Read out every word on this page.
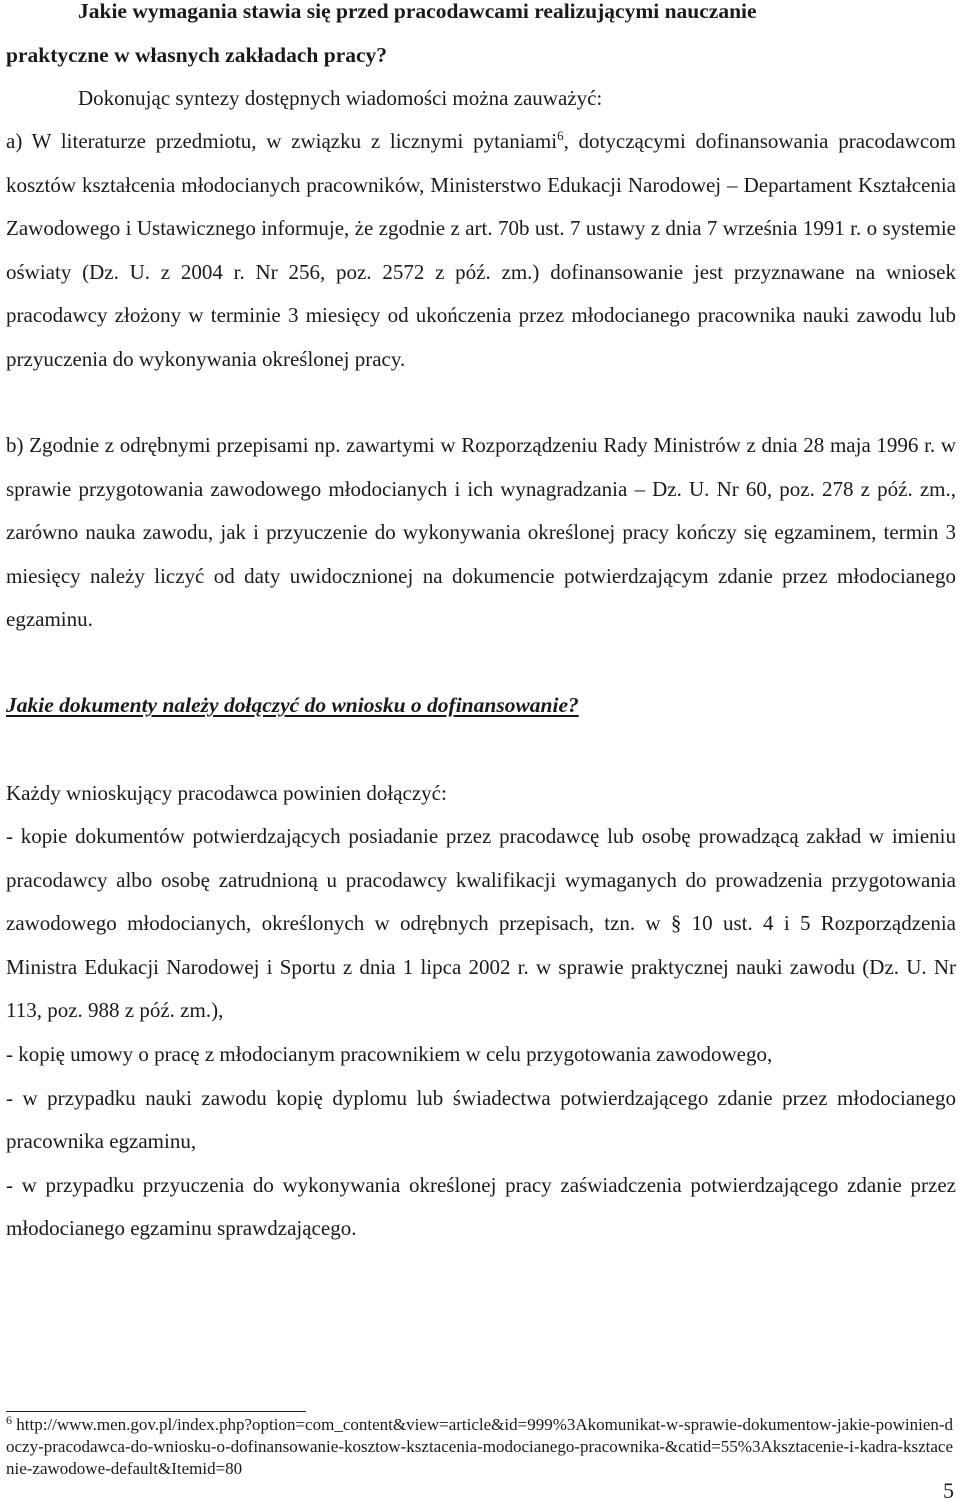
Jakie wymagania stawia się przed pracodawcami realizującymi nauczanie
praktyczne w własnych zakładach pracy?

Dokonując syntezy dostępnych wiadomości można zauważyć:

a) W literaturze przedmiotu, w związku z licznymi pytaniami$^6$, dotyczącymi dofinansowania pracodawcom kosztów kształcenia młodocianych pracowników, Ministerstwo Edukacji Narodowej – Departament Kształcenia Zawodowego i Ustawicznego informuje, że zgodnie z art. 70b ust. 7 ustawy z dnia 7 września 1991 r. o systemie oświaty (Dz. U. z 2004 r. Nr 256, poz. 2572 z póź. zm.) dofinansowanie jest przyznawane na wniosek pracodawcy złożony w terminie 3 miesięcy od ukończenia przez młodocianego pracownika nauki zawodu lub przyuczenia do wykonywania określonej pracy.

b) Zgodnie z odrębnymi przepisami np. zawartymi w Rozporządzeniu Rady Ministrów z dnia 28 maja 1996 r. w sprawie przygotowania zawodowego młodocianych i ich wynagradzania – Dz. U. Nr 60, poz. 278 z póź. zm., zarówno nauka zawodu, jak i przyuczenie do wykonywania określonej pracy kończy się egzaminem, termin 3 miesięcy należy liczyć od daty uwidocznionej na dokumencie potwierdzającym zdanie przez młodocianego egzaminu.

Jakie dokumenty należy dołączyć do wniosku o dofinansowanie?

Każdy wnioskujący pracodawca powinien dołączyć:

- kopie dokumentów potwierdzających posiadanie przez pracodawcę lub osobę prowadzącą zakład w imieniu pracodawcy albo osobę zatrudnioną u pracodawcy kwalifikacji wymaganych do prowadzenia przygotowania zawodowego młodocianych, określonych w odrębnych przepisach, tzn. w § 10 ust. 4 i 5 Rozporządzenia Ministra Edukacji Narodowej i Sportu z dnia 1 lipca 2002 r. w sprawie praktycznej nauki zawodu (Dz. U. Nr 113, poz. 988 z póź. zm.),
- kopię umowy o pracę z młodocianym pracownikiem w celu przygotowania zawodowego,
- w przypadku nauki zawodu kopię dyplomu lub świadectwa potwierdzającego zdanie przez młodocianego pracownika egzaminu,
- w przypadku przyuczenia do wykonywania określonej pracy zaświadczenia potwierdzającego zdanie przez młodocianego egzaminu sprawdzającego.

$^6$ http://www.men.gov.pl/index.php?option=com_content&view=article&id=999%3Akomunikat-w-sprawie-dokumentow-jakie-powinien-doczy-pracodawca-do-wniosku-o-dofinansowanie-kosztow-ksztacenia-modocianego-pracownika-&catid=55%3Aksztacenie-i-kadra-ksztacenie-zawodowe-default&Itemid=80

5
